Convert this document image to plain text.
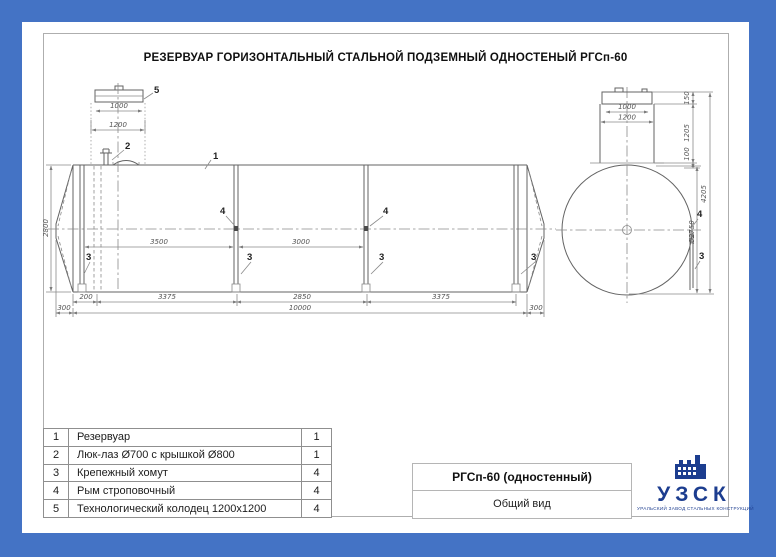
РЕЗЕРВУАР ГОРИЗОНТАЛЬНЫЙ СТАЛЬНОЙ ПОДЗЕМНЫЙ ОДНОСТЕНЫЙ РГСп-60
2800
1000
1200
3500	3000
200	3375	2850	3375
300	10000	300
1
2
5
4	4
3	3	3	3
1000
1200
150
1205
100
Ø2750
4205
4
3
1	Резервуар	1
2	Люк-лаз Ø700 с крышкой Ø800	1
3	Крепежный хомут	4
4	Рым строповочный	4
5	Технологический колодец 1200x1200	4
РГСп-60 (одностенный)
Общий вид	УЗСК
УРАЛЬСКИЙ ЗАВОД СТАЛЬНЫХ КОНСТРУКЦИЙ
